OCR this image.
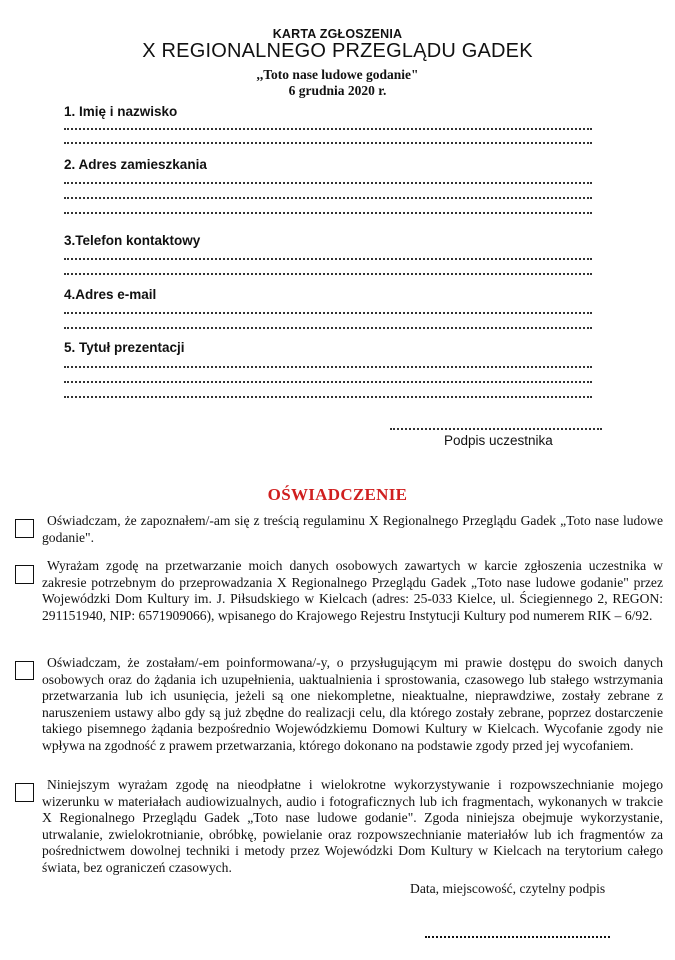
KARTA ZGŁOSZENIA
X REGIONALNEGO PRZEGLĄDU GADEK
,,Toto nase ludowe godanie"
6 grudnia 2020 r.
1. Imię i nazwisko
2. Adres zamieszkania
3.Telefon kontaktowy
4.Adres e-mail
5. Tytuł prezentacji
Podpis uczestnika
OŚWIADCZENIE
Oświadczam, że zapoznałem/-am się z treścią regulaminu X Regionalnego Przeglądu Gadek „Toto nase ludowe godanie".
Wyrażam zgodę na przetwarzanie moich danych osobowych zawartych w karcie zgłoszenia uczestnika w zakresie potrzebnym do przeprowadzania X Regionalnego Przeglądu Gadek „Toto nase ludowe godanie" przez Wojewódzki Dom Kultury im. J. Piłsudskiego w Kielcach (adres: 25-033 Kielce, ul. Ściegiennego 2, REGON: 291151940, NIP: 6571909066), wpisanego do Krajowego Rejestru Instytucji Kultury pod numerem RIK – 6/92.
Oświadczam, że zostałam/-em poinformowana/-y, o przysługującym mi prawie dostępu do swoich danych osobowych oraz do żądania ich uzupełnienia, uaktualnienia i sprostowania, czasowego lub stałego wstrzymania przetwarzania lub ich usunięcia, jeżeli są one niekompletne, nieaktualne, nieprawdziwe, zostały zebrane z naruszeniem ustawy albo gdy są już zbędne do realizacji celu, dla którego zostały zebrane, poprzez dostarczenie takiego pisemnego żądania bezpośrednio Wojewódzkiemu Domowi Kultury w Kielcach. Wycofanie zgody nie wpływa na zgodność z prawem przetwarzania, którego dokonano na podstawie zgody przed jej wycofaniem.
Niniejszym wyrażam zgodę na nieodpłatne i wielokrotne wykorzystywanie i rozpowszechnianie mojego wizerunku w materiałach audiowizualnych, audio i fotograficznych lub ich fragmentach, wykonanych w trakcie X Regionalnego Przeglądu Gadek „Toto nase ludowe godanie". Zgoda niniejsza obejmuje wykorzystanie, utrwalanie, zwielokrotnianie, obróbkę, powielanie oraz rozpowszechnianie materiałów lub ich fragmentów za pośrednictwem dowolnej techniki i metody przez Wojewódzki Dom Kultury w Kielcach na terytorium całego świata, bez ograniczeń czasowych.
Data, miejscowość, czytelny podpis
